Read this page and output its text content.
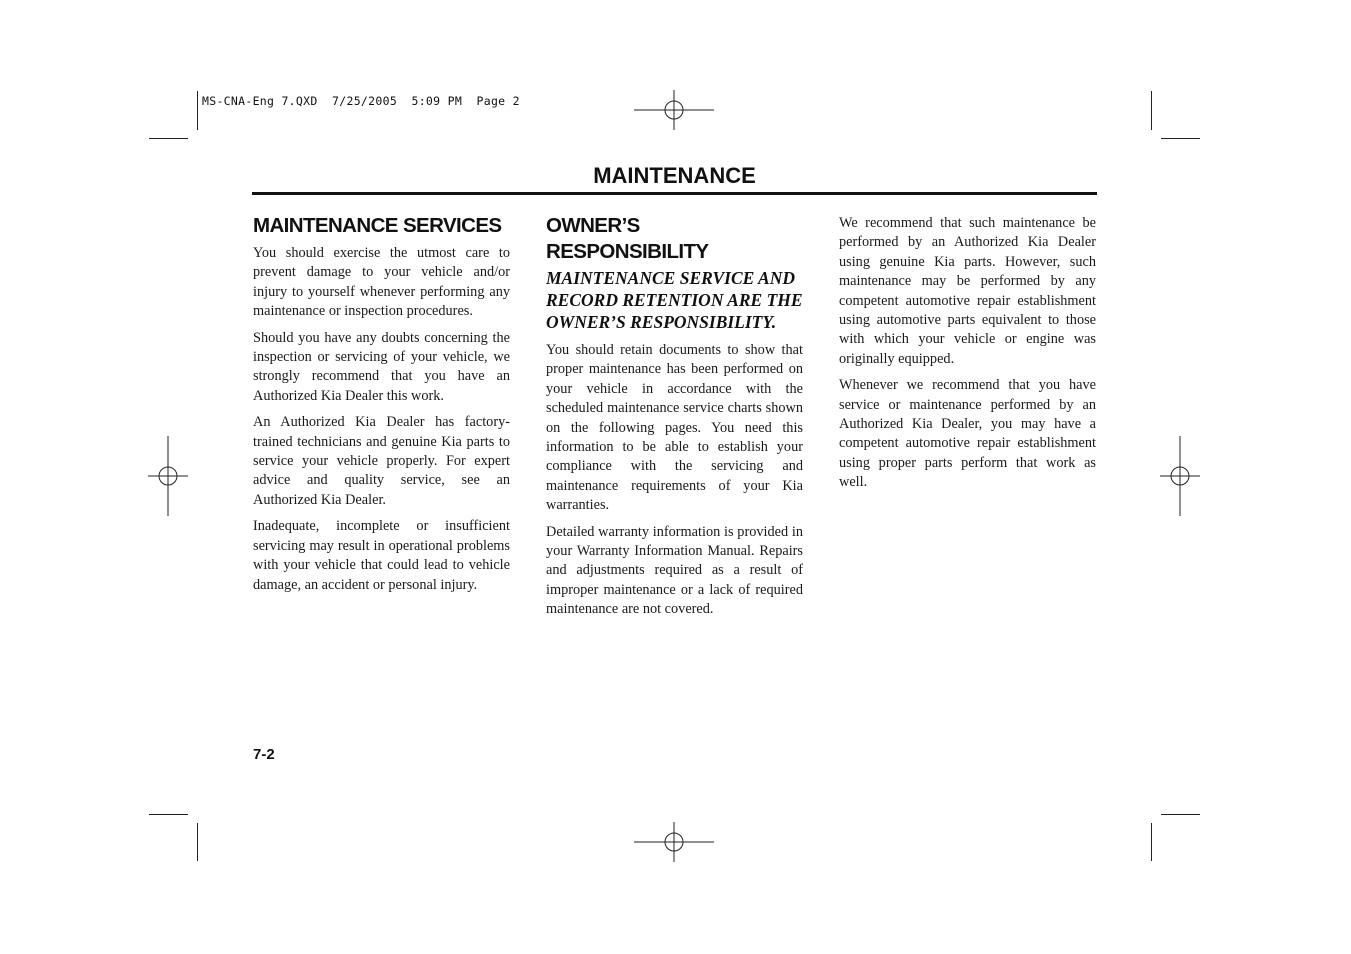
MS-CNA-Eng 7.QXD  7/25/2005  5:09 PM  Page 2
MAINTENANCE
MAINTENANCE SERVICES

You should exercise the utmost care to prevent damage to your vehicle and/or injury to yourself whenever performing any maintenance or inspection procedures.

Should you have any doubts concerning the inspection or servicing of your vehicle, we strongly recommend that you have an Authorized Kia Dealer this work.

An Authorized Kia Dealer has factory-trained technicians and genuine Kia parts to service your vehicle properly. For expert advice and quality service, see an Authorized Kia Dealer.

Inadequate, incomplete or insufficient servicing may result in operational problems with your vehicle that could lead to vehicle damage, an accident or personal injury.

OWNER’S RESPONSIBILITY
MAINTENANCE SERVICE AND RECORD RETENTION ARE THE OWNER’S RESPONSIBILITY.

You should retain documents to show that proper maintenance has been performed on your vehicle in accordance with the scheduled maintenance service charts shown on the following pages. You need this information to be able to establish your compliance with the servicing and maintenance requirements of your Kia warranties.

Detailed warranty information is provided in your Warranty Information Manual. Repairs and adjustments required as a result of improper maintenance or a lack of required maintenance are not covered.

We recommend that such maintenance be performed by an Authorized Kia Dealer using genuine Kia parts. However, such maintenance may be performed by any competent automotive repair establishment using automotive parts equivalent to those with which your vehicle or engine was originally equipped.

Whenever we recommend that you have service or maintenance performed by an Authorized Kia Dealer, you may have a competent automotive repair establishment using proper parts perform that work as well.

7-2
